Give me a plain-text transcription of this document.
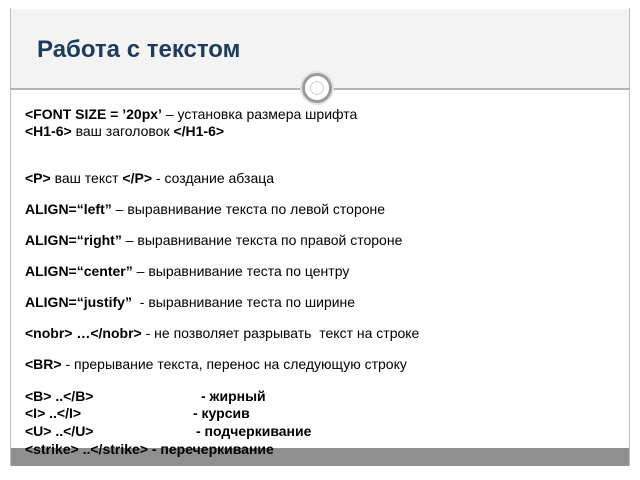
Работа с текстом
<FONT SIZE = ’20px’ – установка размера шрифта
<H1-6> ваш заголовок </H1-6>
<P> ваш текст </P> - создание абзаца
ALIGN=“left” – выравнивание текста по левой стороне
ALIGN=“right” – выравнивание текста по правой стороне
ALIGN=“center” – выравнивание теста по центру
ALIGN=“justify”  - выравнивание теста по ширине
<nobr> …</nobr> - не позволяет разрывать  текст на строке
<BR> - прерывание текста, перенос на следующую строку
<B> ..</B>	- жирный
<I> ..</I>	- курсив
<U> ..</U>	- подчеркивание
<strike> ..</strike> - перечеркивание
